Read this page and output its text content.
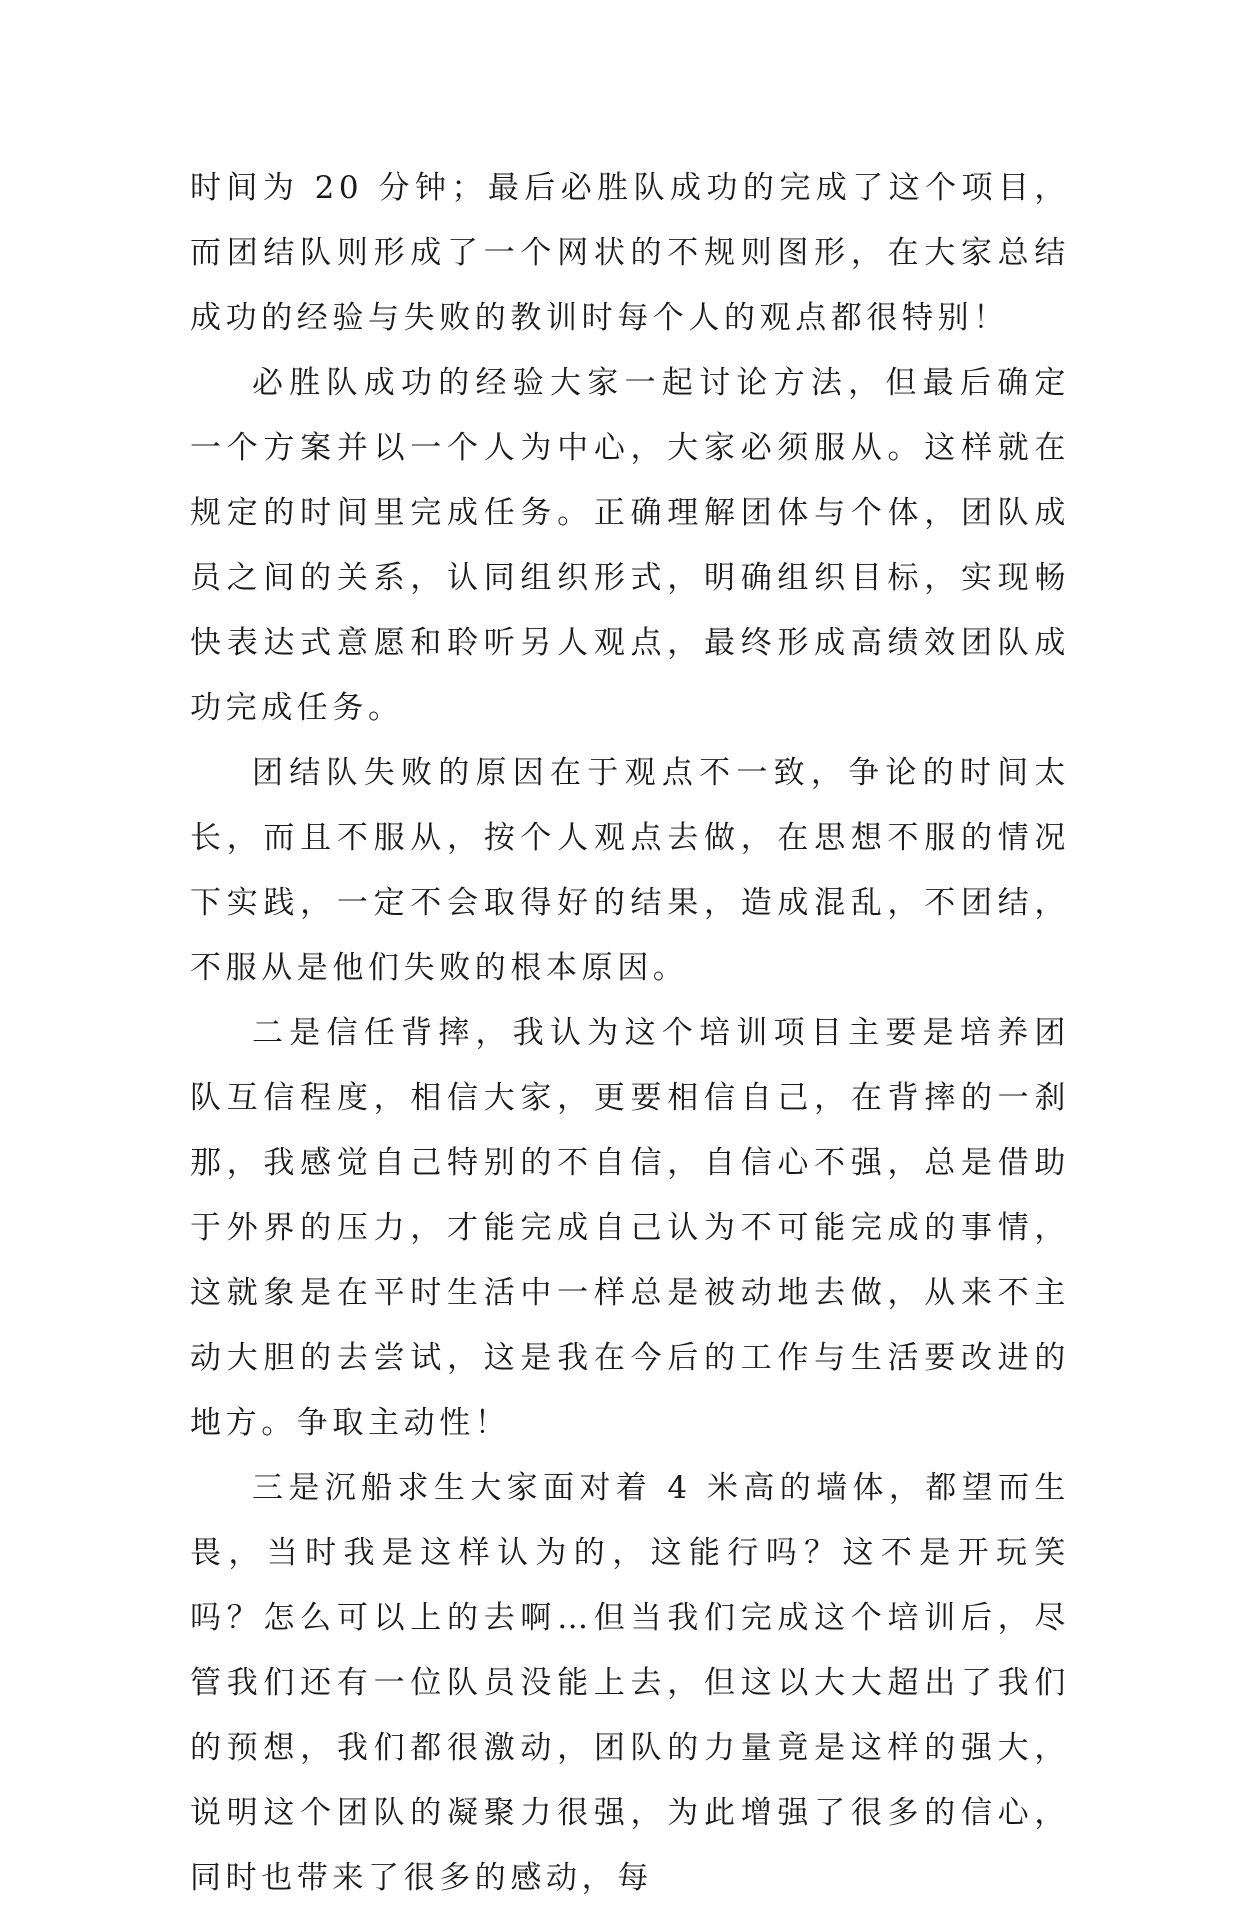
时间为 20 分钟；最后必胜队成功的完成了这个项目，而团结队则形成了一个网状的不规则图形，在大家总结成功的经验与失败的教训时每个人的观点都很特别！

必胜队成功的经验大家一起讨论方法，但最后确定一个方案并以一个人为中心，大家必须服从。这样就在规定的时间里完成任务。正确理解团体与个体，团队成员之间的关系，认同组织形式，明确组织目标，实现畅快表达式意愿和聆听另人观点，最终形成高绩效团队成功完成任务。

团结队失败的原因在于观点不一致，争论的时间太长，而且不服从，按个人观点去做，在思想不服的情况下实践，一定不会取得好的结果，造成混乱，不团结，不服从是他们失败的根本原因。

二是信任背摔，我认为这个培训项目主要是培养团队互信程度，相信大家，更要相信自己，在背摔的一刹那，我感觉自己特别的不自信，自信心不强，总是借助于外界的压力，才能完成自己认为不可能完成的事情，这就象是在平时生活中一样总是被动地去做，从来不主动大胆的去尝试，这是我在今后的工作与生活要改进的地方。争取主动性！

三是沉船求生大家面对着 4 米高的墙体，都望而生畏，当时我是这样认为的，这能行吗？这不是开玩笑吗？怎么可以上的去啊…但当我们完成这个培训后，尽管我们还有一位队员没能上去，但这以大大超出了我们的预想，我们都很激动，团队的力量竟是这样的强大，说明这个团队的凝聚力很强，为此增强了很多的信心，同时也带来了很多的感动，每
